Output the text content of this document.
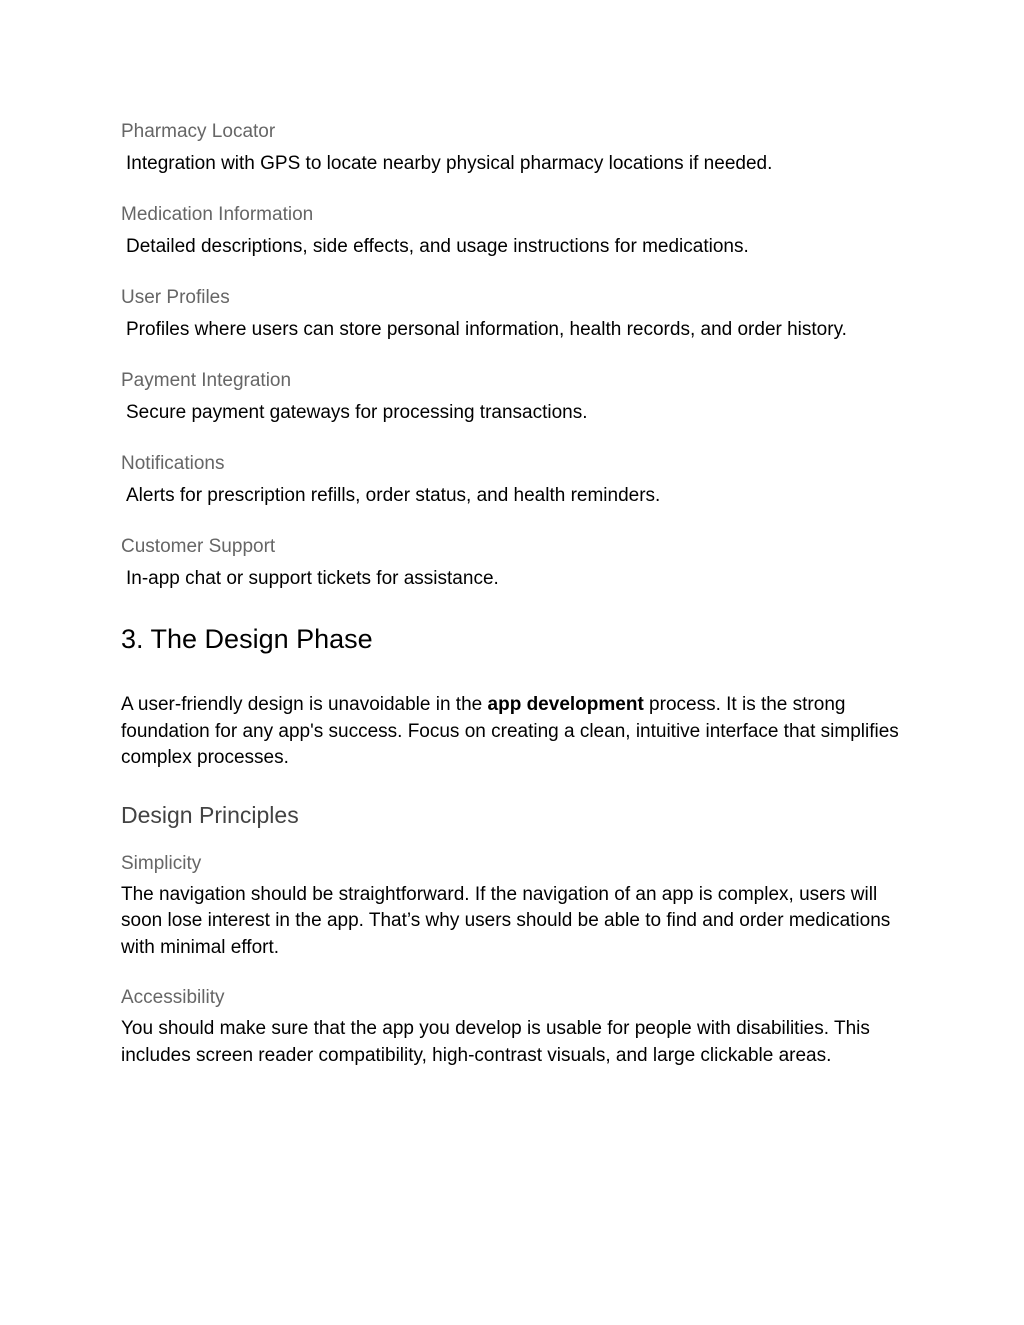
Pharmacy Locator

Integration with GPS to locate nearby physical pharmacy locations if needed.

Medication Information

Detailed descriptions, side effects, and usage instructions for medications.

User Profiles

Profiles where users can store personal information, health records, and order history.

Payment Integration

Secure payment gateways for processing transactions.

Notifications

Alerts for prescription refills, order status, and health reminders.

Customer Support

In-app chat or support tickets for assistance.

3. The Design Phase

A user-friendly design is unavoidable in the app development process. It is the strong foundation for any app's success. Focus on creating a clean, intuitive interface that simplifies complex processes.

Design Principles

Simplicity

The navigation should be straightforward. If the navigation of an app is complex, users will soon lose interest in the app. That’s why users should be able to find and order medications with minimal effort.

Accessibility

You should make sure that the app you develop is usable for people with disabilities. This includes screen reader compatibility, high-contrast visuals, and large clickable areas.
